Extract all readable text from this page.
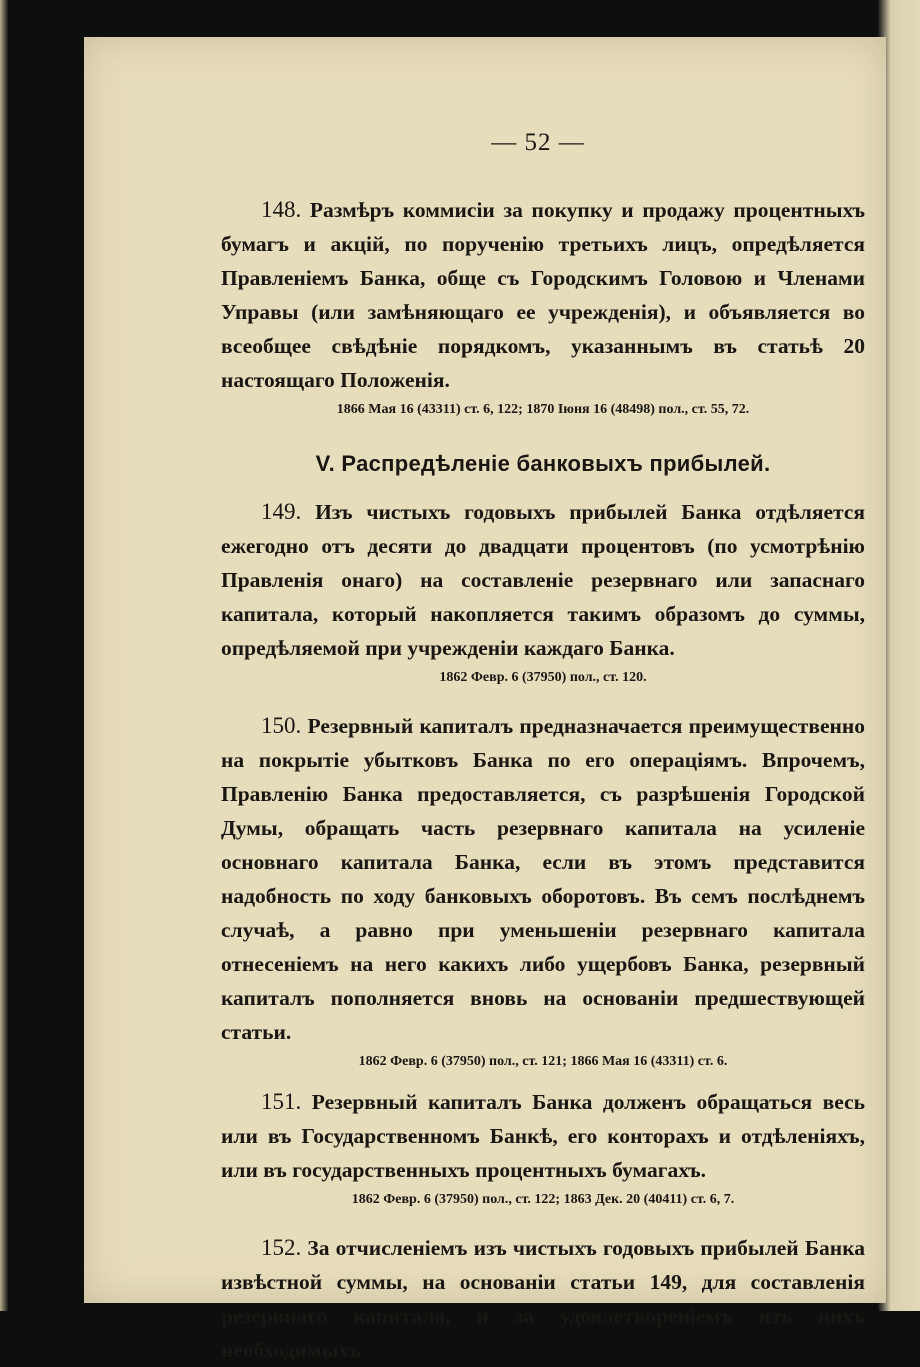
— 52 —

148. Размѣръ коммисіи за покупку и продажу процентныхъ бумагъ и акцій, по порученію третьихъ лицъ, опредѣляется Правленіемъ Банка, обще съ Городскимъ Головою и Членами Управы (или замѣняющаго ее учрежденія), и объявляется во всеобщее свѣдѣніе порядкомъ, указаннымъ въ статьѣ 20 настоящаго Положенія.

1866 Мая 16 (43311) ст. 6, 122; 1870 Іюня 16 (48498) пол., ст. 55, 72.
V. Распредѣленіе банковыхъ прибылей.

149. Изъ чистыхъ годовыхъ прибылей Банка отдѣляется ежегодно отъ десяти до двадцати процентовъ (по усмотрѣнію Правленія онаго) на составленіе резервнаго или запаснаго капитала, который накопляется такимъ образомъ до суммы, опредѣляемой при учрежденіи каждаго Банка.

1862 Февр. 6 (37950) пол., ст. 120.

150. Резервный капиталъ предназначается преимущественно на покрытіе убытковъ Банка по его операціямъ. Впрочемъ, Правленію Банка предоставляется, съ разрѣшенія Городской Думы, обращать часть резервнаго капитала на усиленіе основнаго капитала Банка, если въ этомъ представится надобность по ходу банковыхъ оборотовъ. Въ семъ послѣднемъ случаѣ, а равно при уменьшеніи резервнаго капитала отнесеніемъ на него какихъ либо ущербовъ Банка, резервный капиталъ пополняется вновь на основаніи предшествующей статьи.

1862 Февр. 6 (37950) пол., ст. 121; 1866 Мая 16 (43311) ст. 6.

151. Резервный капиталъ Банка долженъ обращаться весь или въ Государственномъ Банкѣ, его конторахъ и отдѣленіяхъ, или въ государственныхъ процентныхъ бумагахъ.

1862 Февр. 6 (37950) пол., ст. 122; 1863 Дек. 20 (40411) ст. 6, 7.

152. За отчисленіемъ изъ чистыхъ годовыхъ прибылей Банка извѣстной суммы, на основаніи статьи 149, для составленія резервнаго капитала, и за удовлетвореніемъ изъ нихъ необходимыхъ
